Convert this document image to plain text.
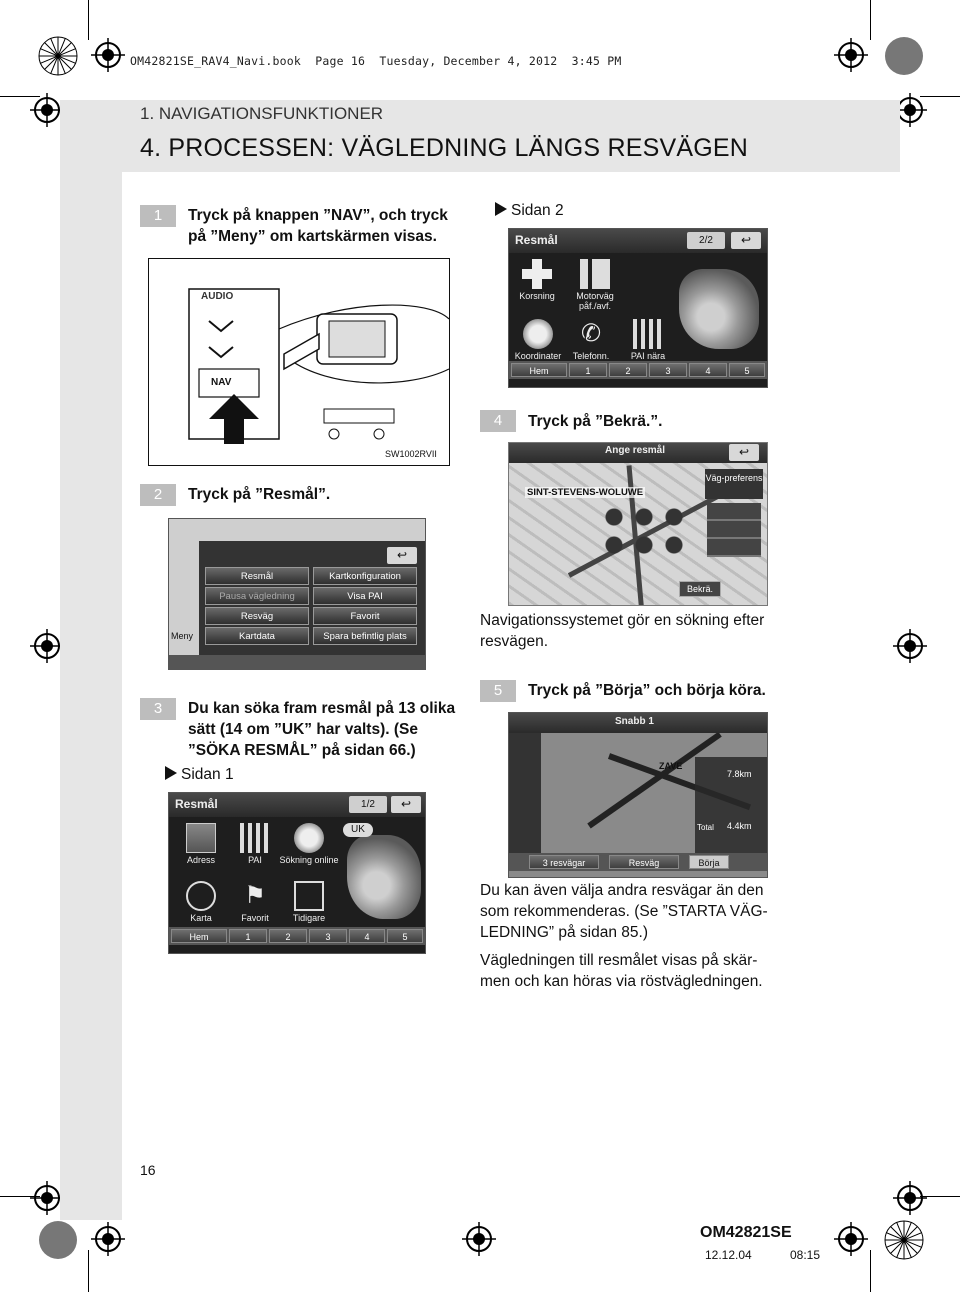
OM42821SE_RAV4_Navi.book  Page 16  Tuesday, December 4, 2012  3:45 PM
1. NAVIGATIONSFUNKTIONER
4. PROCESSEN: VÄGLEDNING LÄNGS RESVÄGEN
1	Tryck på knappen ”NAV”, och tryck
på ”Meny” om kartskärmen visas.
AUDIO
NAV
SW1002RVII
Sidan 2
Resmål	2/2	↩
Korsning	Motorväg påf./avf.
Koordinater
✆
Telefonn.	PAI nära
Hem	1	2	3	4	5
4	Tryck på ”Bekrä.”.
2	Tryck på ”Resmål”.
Ange resmål	↩
SINT-STEVENS-WOLUWE
Väg-preferens
Bekrä.
↩
Resmål	Kartkonfiguration
Pausa vägledning	Visa PAI
Resväg	Favorit
Kartdata	Spara befintlig plats
Meny
Navigationssystemet gör en sökning efter resvägen.
3	Du kan söka fram resmål på 13 olika
sätt (14 om ”UK” har valts). (Se
”SÖKA RESMÅL” på sidan 66.)
Sidan 1
5	Tryck på ”Börja” och börja köra.
Snabb 1
ZAVE
7.8km
Total 4.4km
3 resvägar	Resväg	Börja
Resmål	1/2	↩
UK
Adress	PAI	Sökning online
Karta
⚑
Favorit	Tidigare
Hem	1	2	3	4	5
Du kan även välja andra resvägar än den
som rekommenderas. (Se ”STARTA VÄG-
LEDNING” på sidan 85.)
Vägledningen till resmålet visas på skär-
men och kan höras via röstvägledningen.
16
OM42821SE
12.12.04	08:15
